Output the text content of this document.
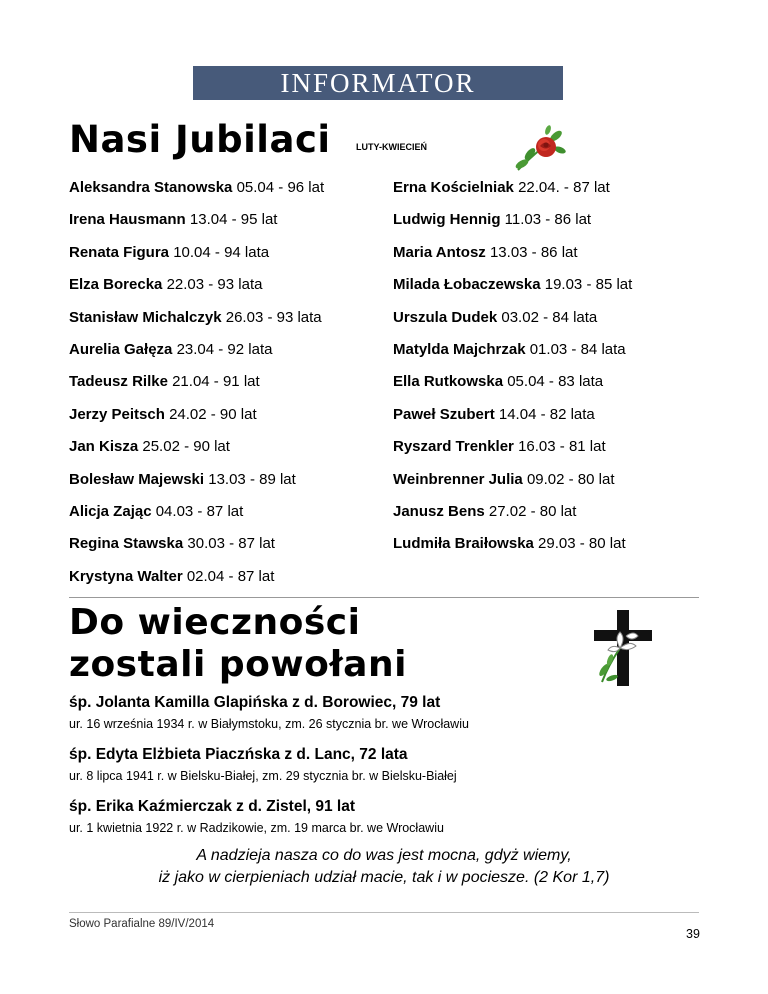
INFORMATOR
Nasi Jubilaci	LUTY-KWIECIEŃ
Aleksandra Stanowska 05.04 - 96 lat
Irena Hausmann 13.04 - 95 lat
Renata Figura 10.04 - 94 lata
Elza Borecka 22.03 - 93 lata
Stanisław Michalczyk 26.03 - 93 lata
Aurelia Gałęza 23.04 - 92 lata
Tadeusz Rilke 21.04 - 91 lat
Jerzy Peitsch 24.02 - 90 lat
Jan Kisza 25.02 - 90 lat
Bolesław Majewski 13.03 - 89 lat
Alicja Zając 04.03 - 87 lat
Regina Stawska 30.03 - 87 lat
Krystyna Walter 02.04 - 87 lat
Erna Kościelniak 22.04. - 87 lat
Ludwig Hennig 11.03 - 86 lat
Maria Antosz 13.03 - 86 lat
Milada Łobaczewska 19.03 - 85 lat
Urszula Dudek 03.02 - 84 lata
Matylda Majchrzak 01.03 - 84 lata
Ella Rutkowska 05.04 - 83 lata
Paweł Szubert 14.04 - 82 lata
Ryszard Trenkler 16.03 - 81 lat
Weinbrenner Julia 09.02 - 80 lat
Janusz Bens 27.02 - 80 lat
Ludmiła Braiłowska 29.03 - 80 lat
Do wieczności
zostali powołani
śp. Jolanta Kamilla Glapińska z d. Borowiec, 79 lat
ur. 16 września 1934 r. w Białymstoku, zm. 26 stycznia br. we Wrocławiu
śp. Edyta Elżbieta Piaczńska z d. Lanc, 72 lata
ur. 8 lipca 1941 r. w Bielsku-Białej, zm. 29 stycznia br. w Bielsku-Białej
śp. Erika Kaźmierczak z d. Zistel, 91 lat
ur. 1 kwietnia 1922 r. w Radzikowie, zm. 19 marca br. we Wrocławiu
A nadzieja nasza co do was jest mocna, gdyż wiemy,
iż jako w cierpieniach udział macie, tak i w pociesze. (2 Kor 1,7)
Słowo Parafialne 89/IV/2014
39
